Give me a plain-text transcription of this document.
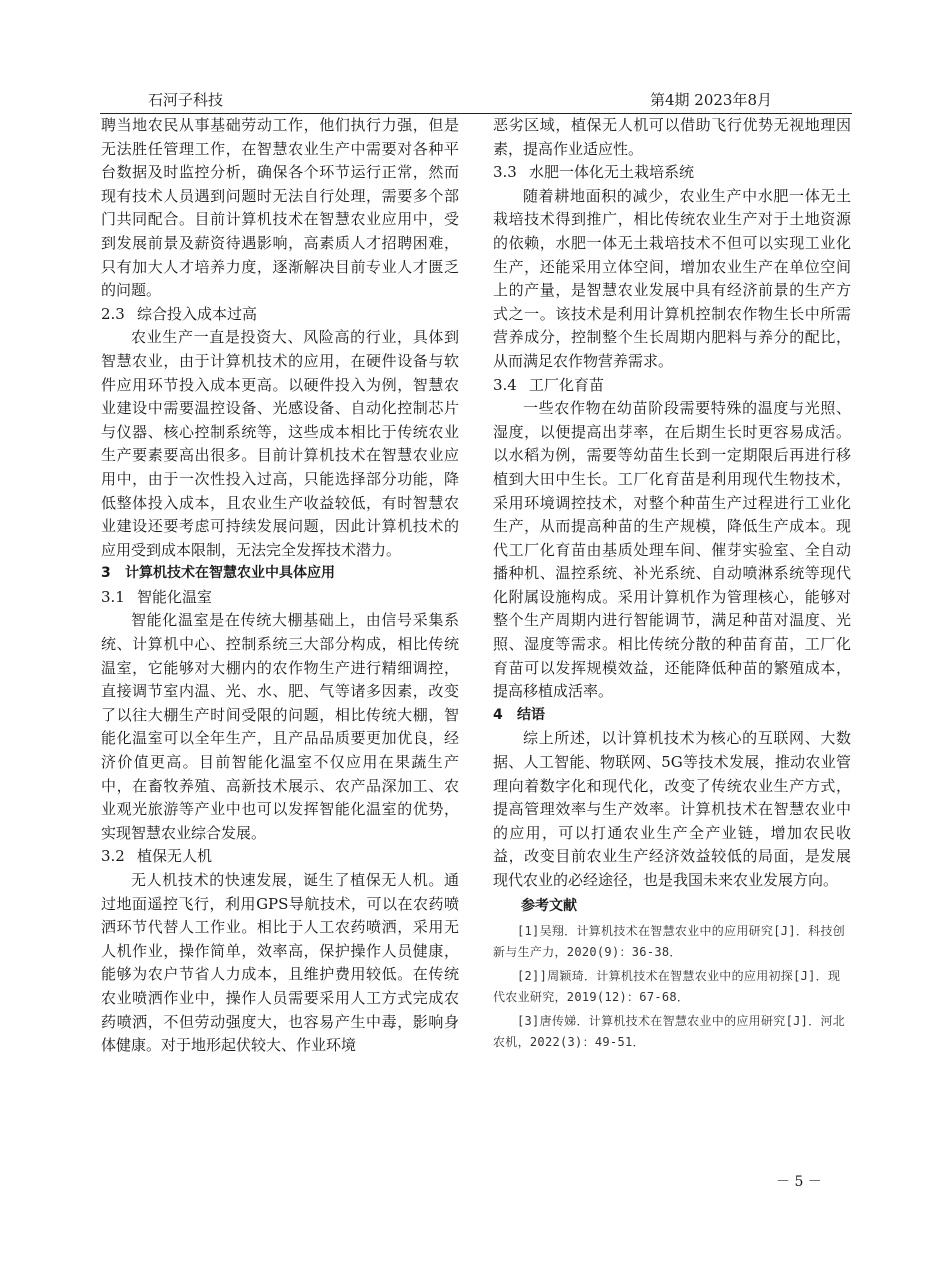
石河子科技	第4期 2023年8月

聘当地农民从事基础劳动工作，他们执行力强，但是无法胜任管理工作，在智慧农业生产中需要对各种平台数据及时监控分析，确保各个环节运行正常，然而现有技术人员遇到问题时无法自行处理，需要多个部门共同配合。目前计算机技术在智慧农业应用中，受到发展前景及薪资待遇影响，高素质人才招聘困难，只有加大人才培养力度，逐渐解决目前专业人才匮乏的问题。

2.3 综合投入成本过高

农业生产一直是投资大、风险高的行业，具体到智慧农业，由于计算机技术的应用，在硬件设备与软件应用环节投入成本更高。以硬件投入为例，智慧农业建设中需要温控设备、光感设备、自动化控制芯片与仪器、核心控制系统等，这些成本相比于传统农业生产要素要高出很多。目前计算机技术在智慧农业应用中，由于一次性投入过高，只能选择部分功能，降低整体投入成本，且农业生产收益较低，有时智慧农业建设还要考虑可持续发展问题，因此计算机技术的应用受到成本限制，无法完全发挥技术潜力。

3 计算机技术在智慧农业中具体应用

3.1 智能化温室

智能化温室是在传统大棚基础上，由信号采集系统、计算机中心、控制系统三大部分构成，相比传统温室，它能够对大棚内的农作物生产进行精细调控，直接调节室内温、光、水、肥、气等诸多因素，改变了以往大棚生产时间受限的问题，相比传统大棚，智能化温室可以全年生产，且产品品质要更加优良，经济价值更高。目前智能化温室不仅应用在果蔬生产中，在畜牧养殖、高新技术展示、农产品深加工、农业观光旅游等产业中也可以发挥智能化温室的优势，实现智慧农业综合发展。

3.2 植保无人机

无人机技术的快速发展，诞生了植保无人机。通过地面遥控飞行，利用GPS导航技术，可以在农药喷洒环节代替人工作业。相比于人工农药喷洒，采用无人机作业，操作简单，效率高，保护操作人员健康，能够为农户节省人力成本，且维护费用较低。在传统农业喷洒作业中，操作人员需要采用人工方式完成农药喷洒，不但劳动强度大，也容易产生中毒，影响身体健康。对于地形起伏较大、作业环境

恶劣区域，植保无人机可以借助飞行优势无视地理因素，提高作业适应性。

3.3 水肥一体化无土栽培系统

随着耕地面积的减少，农业生产中水肥一体无土栽培技术得到推广，相比传统农业生产对于土地资源的依赖，水肥一体无土栽培技术不但可以实现工业化生产，还能采用立体空间，增加农业生产在单位空间上的产量，是智慧农业发展中具有经济前景的生产方式之一。该技术是利用计算机控制农作物生长中所需营养成分，控制整个生长周期内肥料与养分的配比，从而满足农作物营养需求。

3.4 工厂化育苗

一些农作物在幼苗阶段需要特殊的温度与光照、湿度，以便提高出芽率，在后期生长时更容易成活。以水稻为例，需要等幼苗生长到一定期限后再进行移植到大田中生长。工厂化育苗是利用现代生物技术，采用环境调控技术，对整个种苗生产过程进行工业化生产，从而提高种苗的生产规模，降低生产成本。现代工厂化育苗由基质处理车间、催芽实验室、全自动播种机、温控系统、补光系统、自动喷淋系统等现代化附属设施构成。采用计算机作为管理核心，能够对整个生产周期内进行智能调节，满足种苗对温度、光照、湿度等需求。相比传统分散的种苗育苗，工厂化育苗可以发挥规模效益，还能降低种苗的繁殖成本，提高移植成活率。

4 结语

综上所述，以计算机技术为核心的互联网、大数据、人工智能、物联网、5G等技术发展，推动农业管理向着数字化和现代化，改变了传统农业生产方式，提高管理效率与生产效率。计算机技术在智慧农业中的应用，可以打通农业生产全产业链，增加农民收益，改变目前农业生产经济效益较低的局面，是发展现代农业的必经途径，也是我国未来农业发展方向。

参考文献

[1]吴翔．计算机技术在智慧农业中的应用研究[J]．科技创新与生产力，2020(9)：36-38．

[2]]周颖琦．计算机技术在智慧农业中的应用初探[J]．现代农业研究，2019(12)：67-68．

[3]唐传娣．计算机技术在智慧农业中的应用研究[J]．河北农机，2022(3)：49-51．

－ 5 －
